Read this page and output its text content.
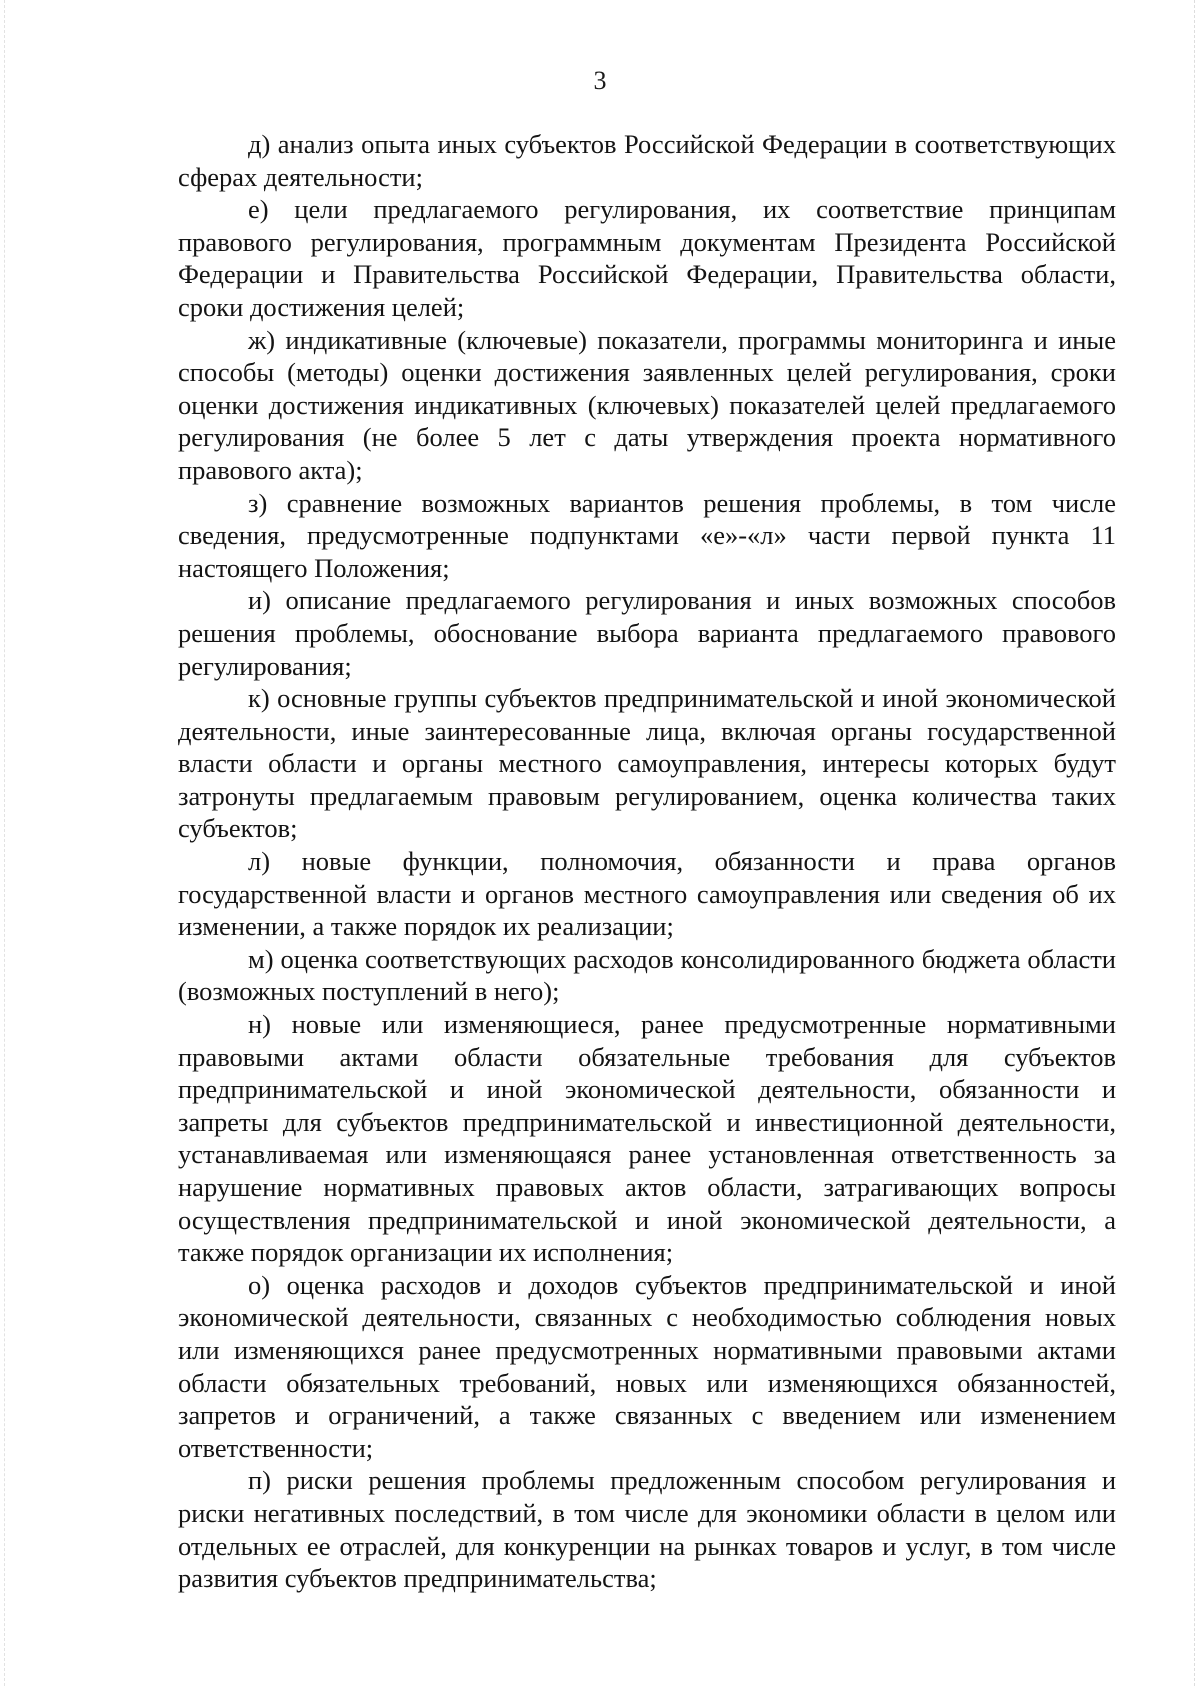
3

д) анализ опыта иных субъектов Российской Федерации в соответствующих сферах деятельности;

е) цели предлагаемого регулирования, их соответствие принципам правового регулирования, программным документам Президента Российской Федерации и Правительства Российской Федерации, Правительства области, сроки достижения целей;

ж) индикативные (ключевые) показатели, программы мониторинга и иные способы (методы) оценки достижения заявленных целей регулирования, сроки оценки достижения индикативных (ключевых) показателей целей предлагаемого регулирования (не более 5 лет с даты утверждения проекта нормативного правового акта);

з) сравнение возможных вариантов решения проблемы, в том числе сведения, предусмотренные подпунктами «е»-«л» части первой пункта 11 настоящего Положения;

и) описание предлагаемого регулирования и иных возможных способов решения проблемы, обоснование выбора варианта предлагаемого правового регулирования;

к) основные группы субъектов предпринимательской и иной экономической деятельности, иные заинтересованные лица, включая органы государственной власти области и органы местного самоуправления, интересы которых будут затронуты предлагаемым правовым регулированием, оценка количества таких субъектов;

л) новые функции, полномочия, обязанности и права органов государственной власти и органов местного самоуправления или сведения об их изменении, а также порядок их реализации;

м) оценка соответствующих расходов консолидированного бюджета области (возможных поступлений в него);

н) новые или изменяющиеся, ранее предусмотренные нормативными правовыми актами области обязательные требования для субъектов предпринимательской и иной экономической деятельности, обязанности и запреты для субъектов предпринимательской и инвестиционной деятельности, устанавливаемая или изменяющаяся ранее установленная ответственность за нарушение нормативных правовых актов области, затрагивающих вопросы осуществления предпринимательской и иной экономической деятельности, а также порядок организации их исполнения;

о) оценка расходов и доходов субъектов предпринимательской и иной экономической деятельности, связанных с необходимостью соблюдения новых или изменяющихся ранее предусмотренных нормативными правовыми актами области обязательных требований, новых или изменяющихся обязанностей, запретов и ограничений, а также связанных с введением или изменением ответственности;

п) риски решения проблемы предложенным способом регулирования и риски негативных последствий, в том числе для экономики области в целом или отдельных ее отраслей, для конкуренции на рынках товаров и услуг, в том числе развития субъектов предпринимательства;
